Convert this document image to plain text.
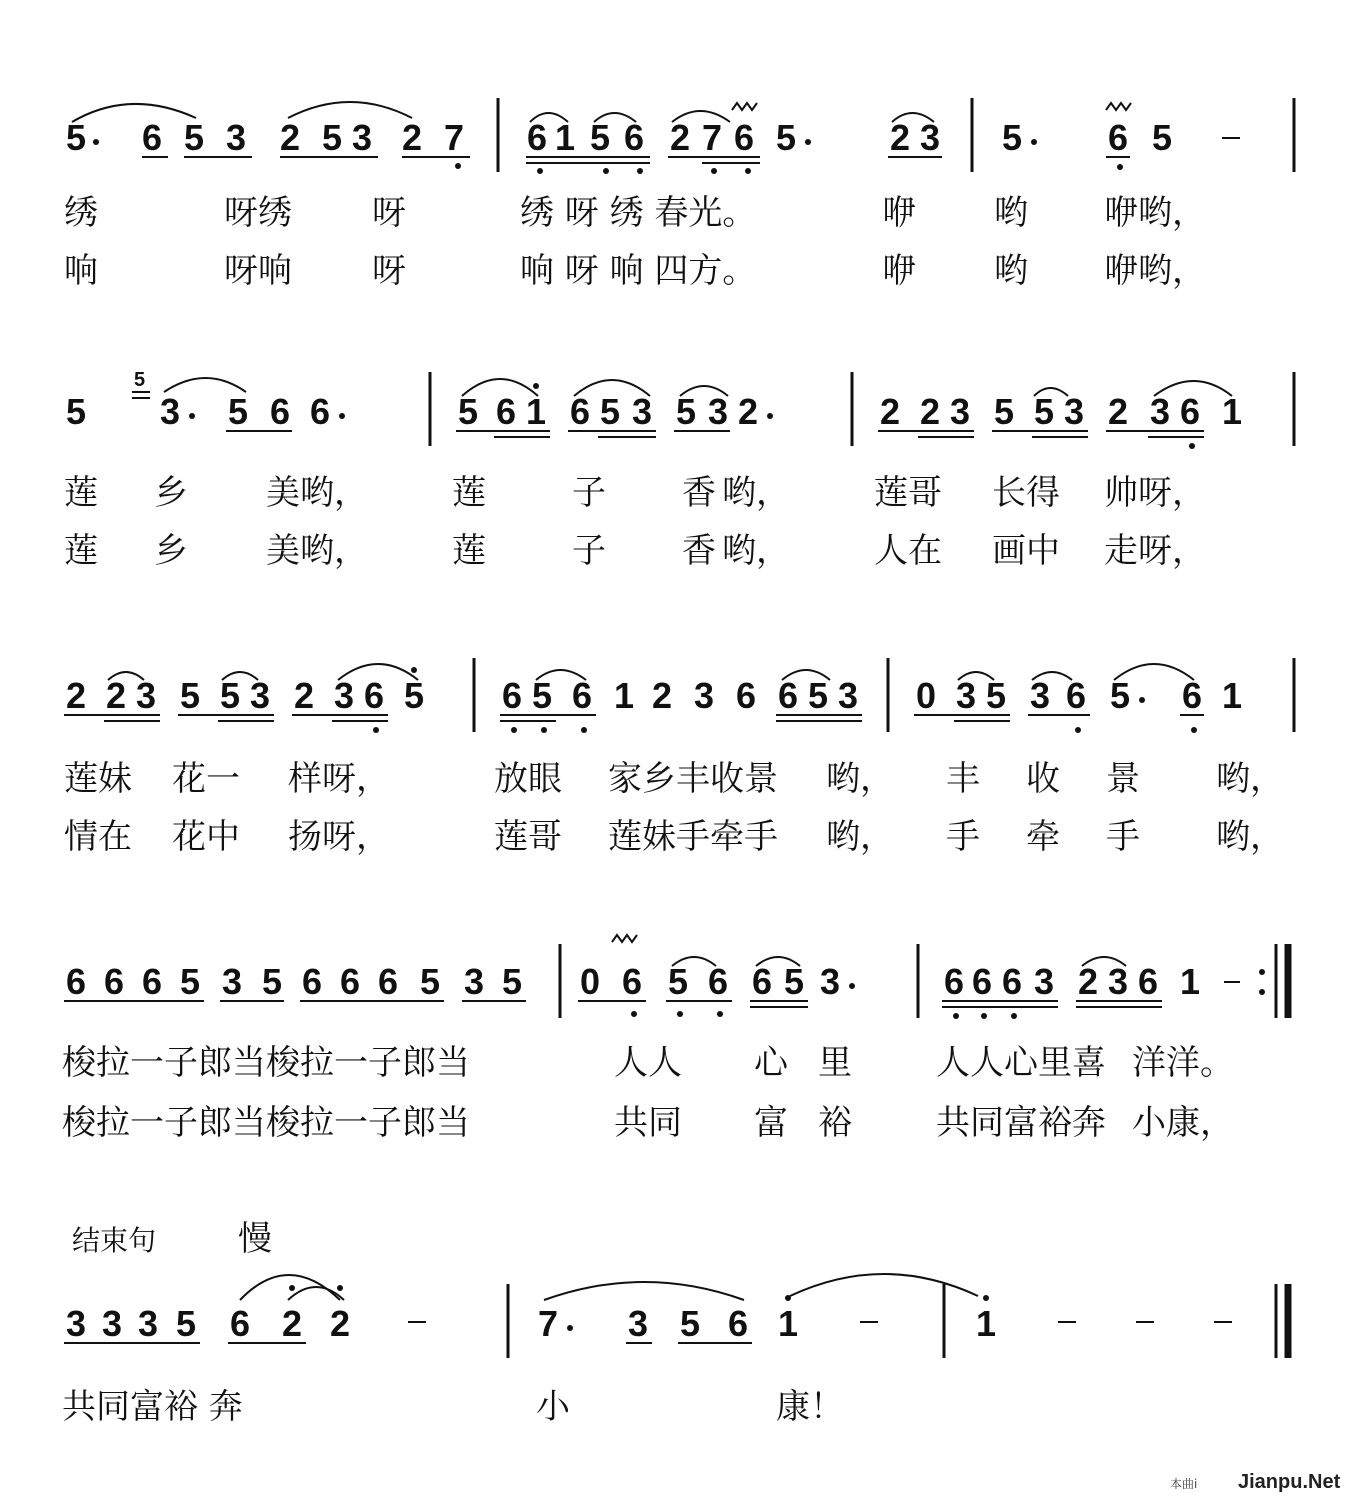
5 6 5 3 2 5 3 2 7 6 1 5 6 2 7 6 5	2 3 5 6 5
绣	呀绣 呀	绣 呀 绣 春光。	咿 哟 咿哟，
响	呀响 呀	响 呀 响 四方。	咿 哟 咿哟，
5
5
3 5 6 6	5 6 1 6 5 3 5 3 2	2 2 3 5 5 3 2 3 6 1
莲 乡 美哟， 莲	子 香 哟， 莲哥 长得 帅呀，
莲 乡 美哟， 莲	子 香 哟， 人在 画中 走呀，
2 2 3 5 5 3 2 3 6 5 6 5 6 1 2 3 6 6 5 3 0 3 5 3 6 5 6 1
莲妹 花一 样呀，	放眼 家乡丰收景 哟， 丰 收 景 哟，
情在 花中 扬呀，	莲哥 莲妹手牵手 哟， 手 牵 手 哟，
6 6 6 5 3 5 6 6 6 5 3 5 0 6 5 6 6 5 3	6 6 6 3 2 3 6 1
梭拉一子郎当梭拉一子郎当	人人 心 里 人人心里喜 洋洋。
梭拉一子郎当梭拉一子郎当	共同 富 裕 共同富裕奔 小康，
结束句 慢
3 3 3 5 6 2 2	7 3 5 6 1	1
共同富裕 奔	小	康！
本曲i Jianpu.Net
